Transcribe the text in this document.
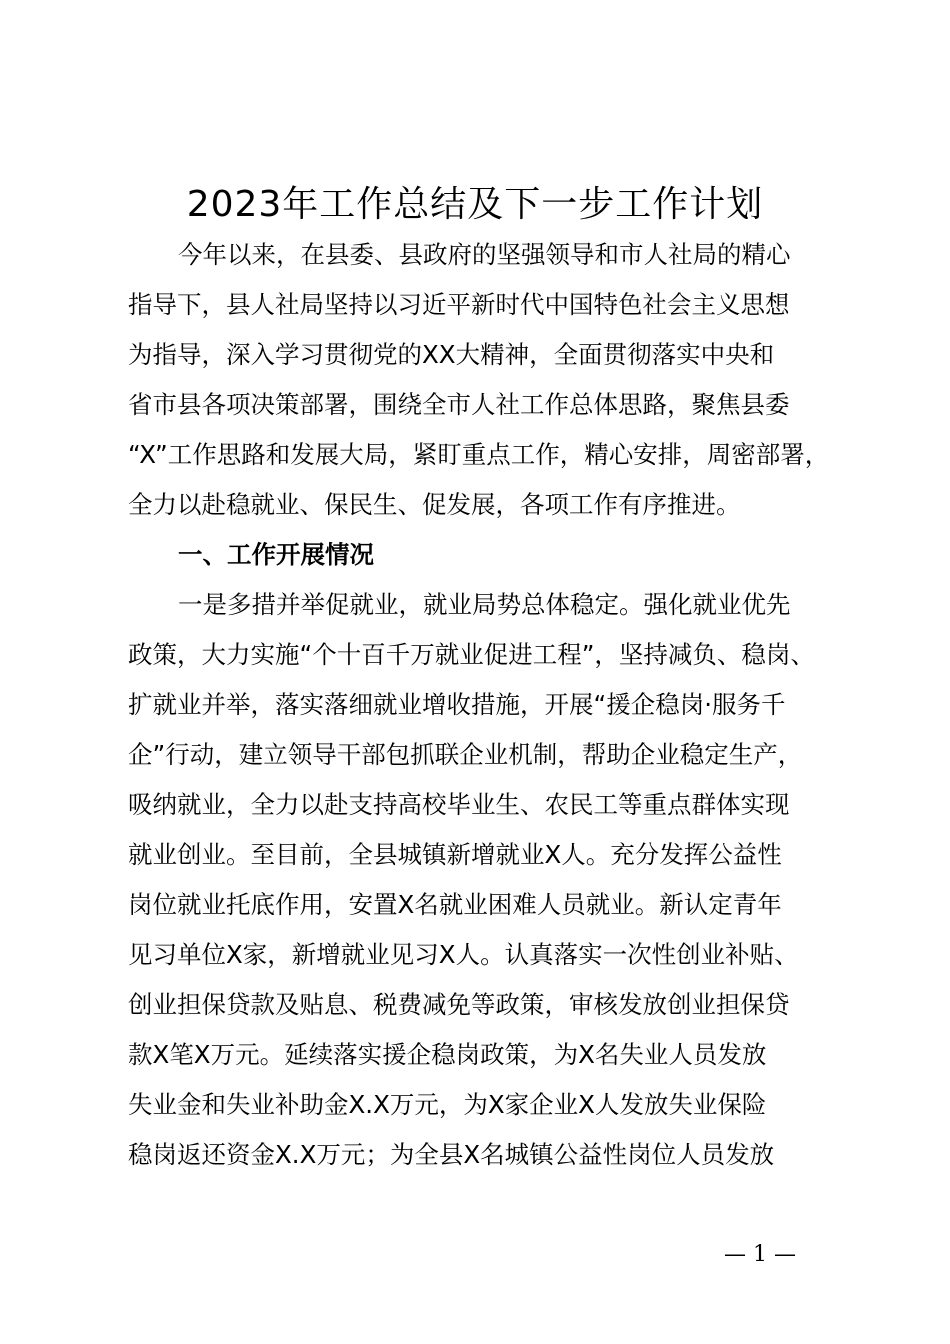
2023年工作总结及下一步工作计划
今年以来，在县委、县政府的坚强领导和市人社局的精心
指导下，县人社局坚持以习近平新时代中国特色社会主义思想
为指导，深入学习贯彻党的XX大精神，全面贯彻落实中央和
省市县各项决策部署，围绕全市人社工作总体思路，聚焦县委
“X”工作思路和发展大局，紧盯重点工作，精心安排，周密部署，
全力以赴稳就业、保民生、促发展，各项工作有序推进。
一、工作开展情况
一是多措并举促就业，就业局势总体稳定。强化就业优先
政策，大力实施“个十百千万就业促进工程”，坚持减负、稳岗、
扩就业并举，落实落细就业增收措施，开展“援企稳岗·服务千
企”行动，建立领导干部包抓联企业机制，帮助企业稳定生产，
吸纳就业，全力以赴支持高校毕业生、农民工等重点群体实现
就业创业。至目前，全县城镇新增就业X人。充分发挥公益性
岗位就业托底作用，安置X名就业困难人员就业。新认定青年
见习单位X家，新增就业见习X人。认真落实一次性创业补贴、
创业担保贷款及贴息、税费减免等政策，审核发放创业担保贷
款X笔X万元。延续落实援企稳岗政策，为X名失业人员发放
失业金和失业补助金X.X万元，为X家企业X人发放失业保险
稳岗返还资金X.X万元；为全县X名城镇公益性岗位人员发放
— 1 —
